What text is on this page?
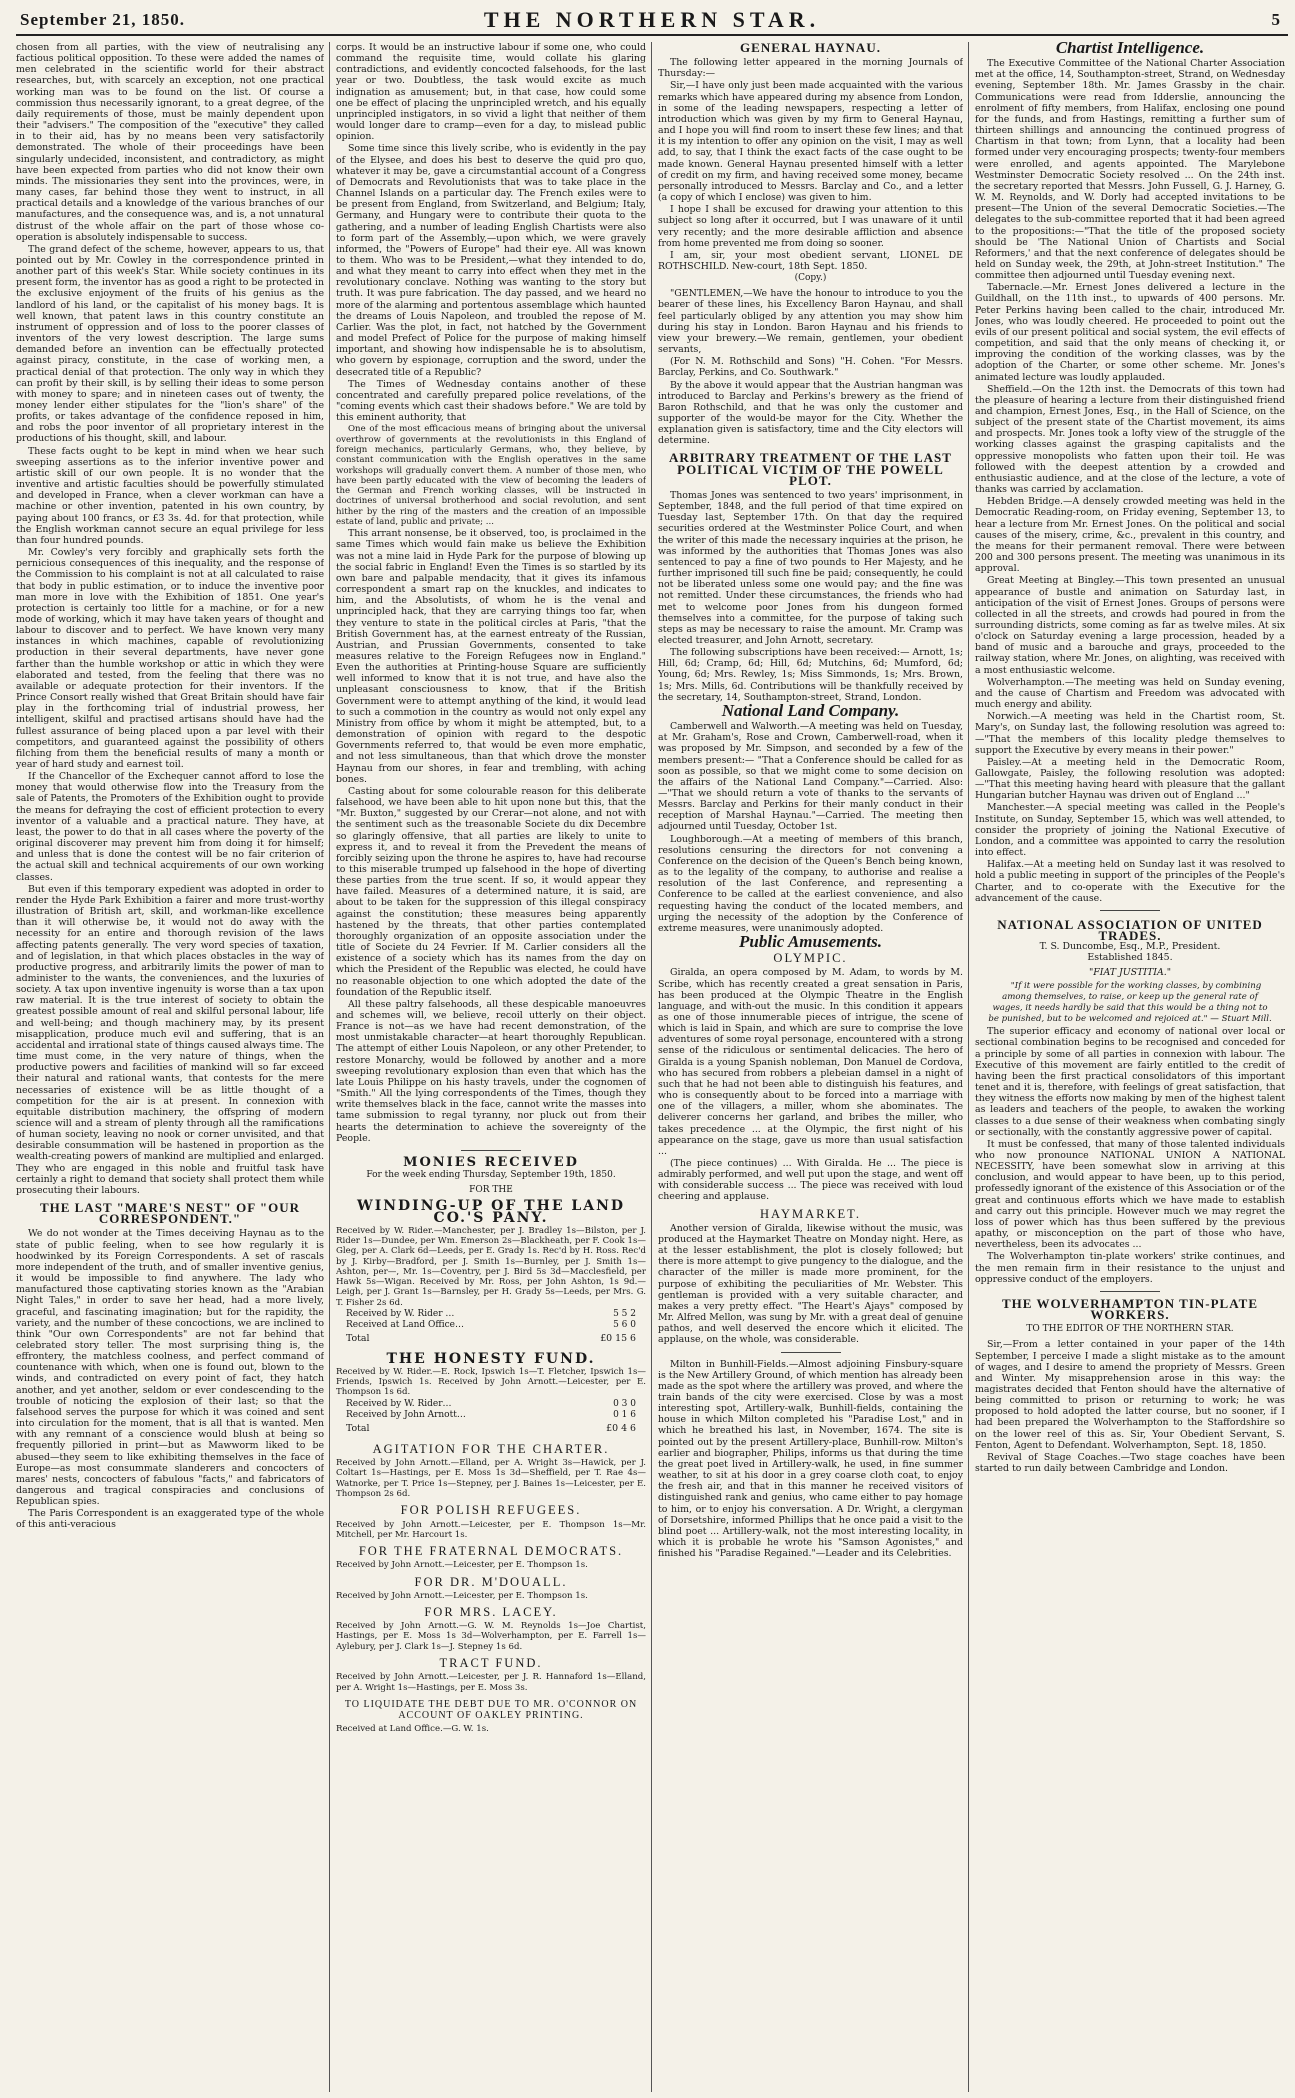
September 21, 1850.	THE NORTHERN STAR.	5

chosen from all parties, with the view of neutralising any factious political opposition. To these were added the names of men celebrated in the scientific world for their abstract researches, but, with scarcely an exception, not one practical working man was to be found on the list. Of course a commission thus necessarily ignorant, to a great degree, of the daily requirements of those, must be mainly dependent upon their "advisers." The composition of the "executive" they called in to their aid, has by no means been very satisfactorily demonstrated. The whole of their proceedings have been singularly undecided, inconsistent, and contradictory, as might have been expected from parties who did not know their own minds. The missionaries they sent into the provinces, were, in many cases, far behind those they went to instruct, in all practical details and a knowledge of the various branches of our manufactures, and the consequence was, and is, a not unnatural distrust of the whole affair on the part of those whose co-operation is absolutely indispensable to success.

The grand defect of the scheme, however, appears to us, that pointed out by Mr. Cowley in the correspondence printed in another part of this week's Star. While society continues in its present form, the inventor has as good a right to be protected in the exclusive enjoyment of the fruits of his genius as the landlord of his land, or the capitalist of his money bags. It is well known, that patent laws in this country constitute an instrument of oppression and of loss to the poorer classes of inventors of the very lowest description. The large sums demanded before an invention can be effectually protected against piracy, constitute, in the case of working men, a practical denial of that protection. The only way in which they can profit by their skill, is by selling their ideas to some person with money to spare; and in nineteen cases out of twenty, the money lender either stipulates for the "lion's share" of the profits, or takes advantage of the confidence reposed in him, and robs the poor inventor of all proprietary interest in the productions of his thought, skill, and labour.

These facts ought to be kept in mind when we hear such sweeping assertions as to the inferior inventive power and artistic skill of our own people. It is no wonder that the inventive and artistic faculties should be powerfully stimulated and developed in France, when a clever workman can have a machine or other invention, patented in his own country, by paying about 100 francs, or £3 3s. 4d. for that protection, while the English workman cannot secure an equal privilege for less than four hundred pounds.

Mr. Cowley's very forcibly and graphically sets forth the pernicious consequences of this inequality, and the response of the Commission to his complaint is not at all calculated to raise that body in public estimation, or to induce the inventive poor man more in love with the Exhibition of 1851. One year's protection is certainly too little for a machine, or for a new mode of working, which it may have taken years of thought and labour to discover and to perfect. We have known very many instances in which machines, capable of revolutionizing production in their several departments, have never gone farther than the humble workshop or attic in which they were elaborated and tested, from the feeling that there was no available or adequate protection for their inventors. If the Prince Consort really wished that Great Britain should have fair play in the forthcoming trial of industrial prowess, her intelligent, skilful and practised artisans should have had the fullest assurance of being placed upon a par level with their competitors, and guaranteed against the possibility of others filching from them the beneficial results of many a month or year of hard study and earnest toil.

If the Chancellor of the Exchequer cannot afford to lose the money that would otherwise flow into the Treasury from the sale of Patents, the Promoters of the Exhibition ought to provide the means for defraying the cost of efficient protection to every inventor of a valuable and a practical nature. They have, at least, the power to do that in all cases where the poverty of the original discoverer may prevent him from doing it for himself; and unless that is done the contest will be no fair criterion of the actual skill and technical acquirements of our own working classes.

But even if this temporary expedient was adopted in order to render the Hyde Park Exhibition a fairer and more trust-worthy illustration of British art, skill, and workman-like excellence than it will otherwise be, it would not do away with the necessity for an entire and thorough revision of the laws affecting patents generally. The very word species of taxation, and of legislation, in that which places obstacles in the way of productive progress, and arbitrarily limits the power of man to administer to the wants, the conveniences, and the luxuries of society. A tax upon inventive ingenuity is worse than a tax upon raw material. It is the true interest of society to obtain the greatest possible amount of real and skilful personal labour, life and well-being; and though machinery may, by its present misapplication, produce much evil and suffering, that is an accidental and irrational state of things caused always time. The time must come, in the very nature of things, when the productive powers and facilities of mankind will so far exceed their natural and rational wants, that contests for the mere necessaries of existence will be as little thought of a competition for the air is at present. In connexion with equitable distribution machinery, the offspring of modern science will and a stream of plenty through all the ramifications of human society, leaving no nook or corner unvisited, and that desirable consummation will be hastened in proportion as the wealth-creating powers of mankind are multiplied and enlarged. They who are engaged in this noble and fruitful task have certainly a right to demand that society shall protect them while prosecuting their labours.

THE LAST "MARE'S NEST" OF "OUR CORRESPONDENT."

We do not wonder at the Times deceiving Haynau as to the state of public feeling, when to see how regularly it is hoodwinked by its Foreign Correspondents. A set of rascals more independent of the truth, and of smaller inventive genius, it would be impossible to find anywhere. The lady who manufactured those captivating stories known as the "Arabian Night Tales," in order to save her head, had a more lively, graceful, and fascinating imagination; but for the rapidity, the variety, and the number of these concoctions, we are inclined to think "Our own Correspondents" are not far behind that celebrated story teller. The most surprising thing is, the effrontery, the matchless coolness, and perfect command of countenance with which, when one is found out, blown to the winds, and contradicted on every point of fact, they hatch another, and yet another, seldom or ever condescending to the trouble of noticing the explosion of their last; so that the falsehood serves the purpose for which it was coined and sent into circulation for the moment, that is all that is wanted. Men with any remnant of a conscience would blush at being so frequently pilloried in print—but as Mawworm liked to be abused—they seem to like exhibiting themselves in the face of Europe—as most consummate slanderers and concocters of mares' nests, concocters of fabulous "facts," and fabricators of dangerous and tragical conspiracies and conclusions of Republican spies.

The Paris Correspondent is an exaggerated type of the whole of this anti-veracious

corps. It would be an instructive labour if some one, who could command the requisite time, would collate his glaring contradictions, and evidently concocted falsehoods, for the last year or two. Doubtless, the task would excite as much indignation as amusement; but, in that case, how could some one be effect of placing the unprincipled wretch, and his equally unprincipled instigators, in so vivid a light that neither of them would longer dare to cramp—even for a day, to mislead public opinion.

Some time since this lively scribe, who is evidently in the pay of the Elysee, and does his best to deserve the quid pro quo, whatever it may be, gave a circumstantial account of a Congress of Democrats and Revolutionists that was to take place in the Channel Islands on a particular day. The French exiles were to be present from England, from Switzerland, and Belgium; Italy, Germany, and Hungary were to contribute their quota to the gathering, and a number of leading English Chartists were also to form part of the Assembly,—upon which, we were gravely informed, the "Powers of Europe" had their eye. All was known to them. Who was to be President,—what they intended to do, and what they meant to carry into effect when they met in the revolutionary conclave. Nothing was wanting to the story but truth. It was pure fabrication. The day passed, and we heard no more of the alarming and portentous assemblage which haunted the dreams of Louis Napoleon, and troubled the repose of M. Carlier. Was the plot, in fact, not hatched by the Government and model Prefect of Police for the purpose of making himself important, and showing how indispensable he is to absolutism, who govern by espionage, corruption and the sword, under the desecrated title of a Republic?

The Times of Wednesday contains another of these concentrated and carefully prepared police revelations, of the "coming events which cast their shadows before." We are told by this eminent authority, that

One of the most efficacious means of bringing about the universal overthrow of governments at the revolutionists in this England of foreign mechanics, particularly Germans, who, they believe, by constant communication with the English operatives in the same workshops will gradually convert them. A number of those men, who have been partly educated with the view of becoming the leaders of the German and French working classes, will be instructed in doctrines of universal brotherhood and social revolution, and sent hither by the ring of the masters and the creation of an impossible estate of land, public and private; ...

This arrant nonsense, be it observed, too, is proclaimed in the same Times which would fain make us believe the Exhibition was not a mine laid in Hyde Park for the purpose of blowing up the social fabric in England! Even the Times is so startled by its own bare and palpable mendacity, that it gives its infamous correspondent a smart rap on the knuckles, and indicates to him, and the Absolutists, of whom he is the venal and unprincipled hack, that they are carrying things too far, when they venture to state in the political circles at Paris, "that the British Government has, at the earnest entreaty of the Russian, Austrian, and Prussian Governments, consented to take measures relative to the Foreign Refugees now in England." Even the authorities at Printing-house Square are sufficiently well informed to know that it is not true, and have also the unpleasant consciousness to know, that if the British Government were to attempt anything of the kind, it would lead to such a commotion in the country as would not only expel any Ministry from office by whom it might be attempted, but, to a demonstration of opinion with regard to the despotic Governments referred to, that would be even more emphatic, and not less simultaneous, than that which drove the monster Haynau from our shores, in fear and trembling, with aching bones.

Casting about for some colourable reason for this deliberate falsehood, we have been able to hit upon none but this, that the "Mr. Buxton," suggested by our Crerar—not alone, and not with the sentiment such as the treasonable Societe du dix Decembre so glaringly offensive, that all parties are likely to unite to express it, and to reveal it from the Prevedent the means of forcibly seizing upon the throne he aspires to, have had recourse to this miserable trumped up falsehood in the hope of diverting these parties from the true scent. If so, it would appear they have failed. Measures of a determined nature, it is said, are about to be taken for the suppression of this illegal conspiracy against the constitution; these measures being apparently hastened by the threats, that other parties contemplated thoroughly organization of an opposite association under the title of Societe du 24 Fevrier. If M. Carlier considers all the existence of a society which has its names from the day on which the President of the Republic was elected, he could have no reasonable objection to one which adopted the date of the foundation of the Republic itself.

All these paltry falsehoods, all these despicable manoeuvres and schemes will, we believe, recoil utterly on their object. France is not—as we have had recent demonstration, of the most unmistakable character—at heart thoroughly Republican. The attempt of either Louis Napoleon, or any other Pretender, to restore Monarchy, would be followed by another and a more sweeping revolutionary explosion than even that which has the late Louis Philippe on his hasty travels, under the cognomen of "Smith." All the lying correspondents of the Times, though they write themselves black in the face, cannot write the masses into tame submission to regal tyranny, nor pluck out from their hearts the determination to achieve the sovereignty of the People.

MONIES RECEIVED
For the week ending Thursday, September 19th, 1850.
FOR THE
WINDING-UP OF THE LAND CO.'S PANY.

Received by W. Rider.—Manchester, per J. Bradley 1s—Bilston, per J. Rider 1s—Dundee, per Wm. Emerson 2s—Blackheath, per F. Cook 1s—Gleg, per A. Clark 6d—Leeds, per E. Grady 1s. Rec'd by H. Ross. Rec'd by J. Kirby—Bradford, per J. Smith 1s—Burnley, per J. Smith 1s—Ashton, per—, Mr. 1s—Coventry, per J. Bird 5s 3d—Macclesfield, per Hawk 5s—Wigan. Received by Mr. Ross, per John Ashton, 1s 9d.—Leigh, per J. Grant 1s—Barnsley, per H. Grady 5s—Leeds, per Mrs. G. T. Fisher 2s 6d.

Received by W. Rider …	5 5 2
Received at Land Office…	5 6 0
Total	£0 15 6
THE HONESTY FUND.

Received by W. Rider.—E. Rock, Ipswich 1s—T. Fletcher, Ipswich 1s—Friends, Ipswich 1s. Received by John Arnott.—Leicester, per E. Thompson 1s 6d.

Received by W. Rider…	0 3 0
Received by John Arnott…	0 1 6
Total	£0 4 6
AGITATION FOR THE CHARTER.

Received by John Arnott.—Elland, per A. Wright 3s—Hawick, per J. Coltart 1s—Hastings, per E. Moss 1s 3d—Sheffield, per T. Rae 4s—Watnorke, per T. Price 1s—Stepney, per J. Baines 1s—Leicester, per E. Thompson 2s 6d.

FOR POLISH REFUGEES.

Received by John Arnott.—Leicester, per E. Thompson 1s—Mr. Mitchell, per Mr. Harcourt 1s.

FOR THE FRATERNAL DEMOCRATS.

Received by John Arnott.—Leicester, per E. Thompson 1s.

FOR DR. M'DOUALL.

Received by John Arnott.—Leicester, per E. Thompson 1s.

FOR MRS. LACEY.

Received by John Arnott.—G. W. M. Reynolds 1s—Joe Chartist, Hastings, per E. Moss 1s 3d—Wolverhampton, per E. Farrell 1s—Aylebury, per J. Clark 1s—J. Stepney 1s 6d.

TRACT FUND.

Received by John Arnott.—Leicester, per J. R. Hannaford 1s—Elland, per A. Wright 1s—Hastings, per E. Moss 3s.

TO LIQUIDATE THE DEBT DUE TO MR. O'CONNOR ON ACCOUNT OF OAKLEY PRINTING.

Received at Land Office.—G. W. 1s.

GENERAL HAYNAU.

The following letter appeared in the morning Journals of Thursday:—

Sir,—I have only just been made acquainted with the various remarks which have appeared during my absence from London, in some of the leading newspapers, respecting a letter of introduction which was given by my firm to General Haynau, and I hope you will find room to insert these few lines; and that it is my intention to offer any opinion on the visit, I may as well add, to say, that I think the exact facts of the case ought to be made known. General Haynau presented himself with a letter of credit on my firm, and having received some money, became personally introduced to Messrs. Barclay and Co., and a letter (a copy of which I enclose) was given to him.

I hope I shall be excused for drawing your attention to this subject so long after it occurred, but I was unaware of it until very recently; and the more desirable affliction and absence from home prevented me from doing so sooner.

I am, sir, your most obedient servant, LIONEL DE ROTHSCHILD. New-court, 18th Sept. 1850.

(Copy.)

"GENTLEMEN,—We have the honour to introduce to you the bearer of these lines, his Excellency Baron Haynau, and shall feel particularly obliged by any attention you may show him during his stay in London. Baron Haynau and his friends to view your brewery.—We remain, gentlemen, your obedient servants,

(For N. M. Rothschild and Sons) "H. Cohen. "For Messrs. Barclay, Perkins, and Co. Southwark."

By the above it would appear that the Austrian hangman was introduced to Barclay and Perkins's brewery as the friend of Baron Rothschild, and that he was only the customer and supporter of the would-be mayor for the City. Whether the explanation given is satisfactory, time and the City electors will determine.

ARBITRARY TREATMENT OF THE LAST POLITICAL VICTIM OF THE POWELL PLOT.

Thomas Jones was sentenced to two years' imprisonment, in September, 1848, and the full period of that time expired on Tuesday last, September 17th. On that day the required securities ordered at the Westminster Police Court, and when the writer of this made the necessary inquiries at the prison, he was informed by the authorities that Thomas Jones was also sentenced to pay a fine of two pounds to Her Majesty, and he further imprisoned till such fine be paid; consequently, he could not be liberated unless some one would pay; and the fine was not remitted. Under these circumstances, the friends who had met to welcome poor Jones from his dungeon formed themselves into a committee, for the purpose of taking such steps as may be necessary to raise the amount. Mr. Cramp was elected treasurer, and John Arnott, secretary.

The following subscriptions have been received:— Arnott, 1s; Hill, 6d; Cramp, 6d; Hill, 6d; Mutchins, 6d; Mumford, 6d; Young, 6d; Mrs. Rewley, 1s; Miss Simmonds, 1s; Mrs. Brown, 1s; Mrs. Mills, 6d. Contributions will be thankfully received by the secretary, 14, Southampton-street, Strand, London.

National Land Company.

Camberwell and Walworth.—A meeting was held on Tuesday, at Mr. Graham's, Rose and Crown, Camberwell-road, when it was proposed by Mr. Simpson, and seconded by a few of the members present:— "That a Conference should be called for as soon as possible, so that we might come to some decision on the affairs of the National Land Company."—Carried. Also:—"That we should return a vote of thanks to the servants of Messrs. Barclay and Perkins for their manly conduct in their reception of Marshal Haynau."—Carried. The meeting then adjourned until Tuesday, October 1st.

Loughborough.—At a meeting of members of this branch, resolutions censuring the directors for not convening a Conference on the decision of the Queen's Bench being known, as to the legality of the company, to authorise and realise a resolution of the last Conference, and representing a Conference to be called at the earliest convenience, and also requesting having the conduct of the located members, and urging the necessity of the adoption by the Conference of extreme measures, were unanimously adopted.

Public Amusements.
OLYMPIC.

Giralda, an opera composed by M. Adam, to words by M. Scribe, which has recently created a great sensation in Paris, has been produced at the Olympic Theatre in the English language, and with-out the music. In this condition it appears as one of those innumerable pieces of intrigue, the scene of which is laid in Spain, and which are sure to comprise the love adventures of some royal personage, encountered with a strong sense of the ridiculous or sentimental delicacies. The hero of Giralda is a young Spanish nobleman, Don Manuel de Cordova, who has secured from robbers a plebeian damsel in a night of such that he had not been able to distinguish his features, and who is consequently about to be forced into a marriage with one of the villagers, a miller, whom she abominates. The deliverer concerns her garland, and bribes the miller, who takes precedence ... at the Olympic, the first night of his appearance on the stage, gave us more than usual satisfaction ...

(The piece continues) ... With Giralda. He ... The piece is admirably performed, and well put upon the stage, and went off with considerable success ... The piece was received with loud cheering and applause.

HAYMARKET.

Another version of Giralda, likewise without the music, was produced at the Haymarket Theatre on Monday night. Here, as at the lesser establishment, the plot is closely followed; but there is more attempt to give pungency to the dialogue, and the character of the miller is made more prominent, for the purpose of exhibiting the peculiarities of Mr. Webster. This gentleman is provided with a very suitable character, and makes a very pretty effect. "The Heart's Ajays" composed by Mr. Alfred Mellon, was sung by Mr. with a great deal of genuine pathos, and well deserved the encore which it elicited. The applause, on the whole, was considerable.

Milton in Bunhill-Fields.—Almost adjoining Finsbury-square is the New Artillery Ground, of which mention has already been made as the spot where the artillery was proved, and where the train bands of the city were exercised. Close by was a most interesting spot, Artillery-walk, Bunhill-fields, containing the house in which Milton completed his "Paradise Lost," and in which he breathed his last, in November, 1674. The site is pointed out by the present Artillery-place, Bunhill-row. Milton's earlier and biographer, Philips, informs us that during the time the great poet lived in Artillery-walk, he used, in fine summer weather, to sit at his door in a grey coarse cloth coat, to enjoy the fresh air, and that in this manner he received visitors of distinguished rank and genius, who came either to pay homage to him, or to enjoy his conversation. A Dr. Wright, a clergyman of Dorsetshire, informed Phillips that he once paid a visit to the blind poet ... Artillery-walk, not the most interesting locality, in which it is probable he wrote his "Samson Agonistes," and finished his "Paradise Regained."—Leader and its Celebrities.

Chartist Intelligence.

The Executive Committee of the National Charter Association met at the office, 14, Southampton-street, Strand, on Wednesday evening, September 18th. Mr. James Grassby in the chair. Communications were read from Idderslie, announcing the enrolment of fifty members, from Halifax, enclosing one pound for the funds, and from Hastings, remitting a further sum of thirteen shillings and announcing the continued progress of Chartism in that town; from Lynn, that a locality had been formed under very encouraging prospects; twenty-four members were enrolled, and agents appointed. The Marylebone Westminster Democratic Society resolved ... On the 24th inst. the secretary reported that Messrs. John Fussell, G. J. Harney, G. W. M. Reynolds, and W. Dorly had accepted invitations to be present—The Union of the several Democratic Societies.—The delegates to the sub-committee reported that it had been agreed to the propositions:—"That the title of the proposed society should be 'The National Union of Chartists and Social Reformers,' and that the next conference of delegates should be held on Sunday week, the 29th, at John-street Institution." The committee then adjourned until Tuesday evening next.

Tabernacle.—Mr. Ernest Jones delivered a lecture in the Guildhall, on the 11th inst., to upwards of 400 persons. Mr. Peter Perkins having been called to the chair, introduced Mr. Jones, who was loudly cheered. He proceeded to point out the evils of our present political and social system, the evil effects of competition, and said that the only means of checking it, or improving the condition of the working classes, was by the adoption of the Charter, or some other scheme. Mr. Jones's animated lecture was loudly applauded.

Sheffield.—On the 12th inst. the Democrats of this town had the pleasure of hearing a lecture from their distinguished friend and champion, Ernest Jones, Esq., in the Hall of Science, on the subject of the present state of the Chartist movement, its aims and prospects. Mr. Jones took a lofty view of the struggle of the working classes against the grasping capitalists and the oppressive monopolists who fatten upon their toil. He was followed with the deepest attention by a crowded and enthusiastic audience, and at the close of the lecture, a vote of thanks was carried by acclamation.

Hebden Bridge.—A densely crowded meeting was held in the Democratic Reading-room, on Friday evening, September 13, to hear a lecture from Mr. Ernest Jones. On the political and social causes of the misery, crime, &c., prevalent in this country, and the means for their permanent removal. There were between 200 and 300 persons present. The meeting was unanimous in its approval.

Great Meeting at Bingley.—This town presented an unusual appearance of bustle and animation on Saturday last, in anticipation of the visit of Ernest Jones. Groups of persons were collected in all the streets, and crowds had poured in from the surrounding districts, some coming as far as twelve miles. At six o'clock on Saturday evening a large procession, headed by a band of music and a barouche and grays, proceeded to the railway station, where Mr. Jones, on alighting, was received with a most enthusiastic welcome.

Wolverhampton.—The meeting was held on Sunday evening, and the cause of Chartism and Freedom was advocated with much energy and ability.

Norwich.—A meeting was held in the Chartist room, St. Mary's, on Sunday last, the following resolution was agreed to:—"That the members of this locality pledge themselves to support the Executive by every means in their power."

Paisley.—At a meeting held in the Democratic Room, Gallowgate, Paisley, the following resolution was adopted:—"That this meeting having heard with pleasure that the gallant Hungarian butcher Haynau was driven out of England ..."

Manchester.—A special meeting was called in the People's Institute, on Sunday, September 15, which was well attended, to consider the propriety of joining the National Executive of London, and a committee was appointed to carry the resolution into effect.

Halifax.—At a meeting held on Sunday last it was resolved to hold a public meeting in support of the principles of the People's Charter, and to co-operate with the Executive for the advancement of the cause.

NATIONAL ASSOCIATION OF UNITED TRADES.
T. S. Duncombe, Esq., M.P., President.
Established 1845.
"FIAT JUSTITIA."

"If it were possible for the working classes, by combining among themselves, to raise, or keep up the general rate of wages, it needs hardly be said that this would be a thing not to be punished, but to be welcomed and rejoiced at." — Stuart Mill.

The superior efficacy and economy of national over local or sectional combination begins to be recognised and conceded for a principle by some of all parties in connexion with labour. The Executive of this movement are fairly entitled to the credit of having been the first practical consolidators of this important tenet and it is, therefore, with feelings of great satisfaction, that they witness the efforts now making by men of the highest talent as leaders and teachers of the people, to awaken the working classes to a due sense of their weakness when combating singly or sectionally, with the constantly aggressive power of capital.

It must be confessed, that many of those talented individuals who now pronounce NATIONAL UNION A NATIONAL NECESSITY, have been somewhat slow in arriving at this conclusion, and would appear to have been, up to this period, professedly ignorant of the existence of this Association or of the great and continuous efforts which we have made to establish and carry out this principle. However much we may regret the loss of power which has thus been suffered by the previous apathy, or misconception on the part of those who have, nevertheless, been its advocates ...

The Wolverhampton tin-plate workers' strike continues, and the men remain firm in their resistance to the unjust and oppressive conduct of the employers.

THE WOLVERHAMPTON TIN-PLATE WORKERS.
TO THE EDITOR OF THE NORTHERN STAR.

Sir,—From a letter contained in your paper of the 14th September, I perceive I made a slight mistake as to the amount of wages, and I desire to amend the propriety of Messrs. Green and Winter. My misapprehension arose in this way: the magistrates decided that Fenton should have the alternative of being committed to prison or returning to work; he was proposed to hold adopted the latter course, but no sooner, if I had been prepared the Wolverhampton to the Staffordshire so on the lower reel of this as. Sir, Your Obedient Servant, S. Fenton, Agent to Defendant. Wolverhampton, Sept. 18, 1850.

Revival of Stage Coaches.—Two stage coaches have been started to run daily between Cambridge and London.
